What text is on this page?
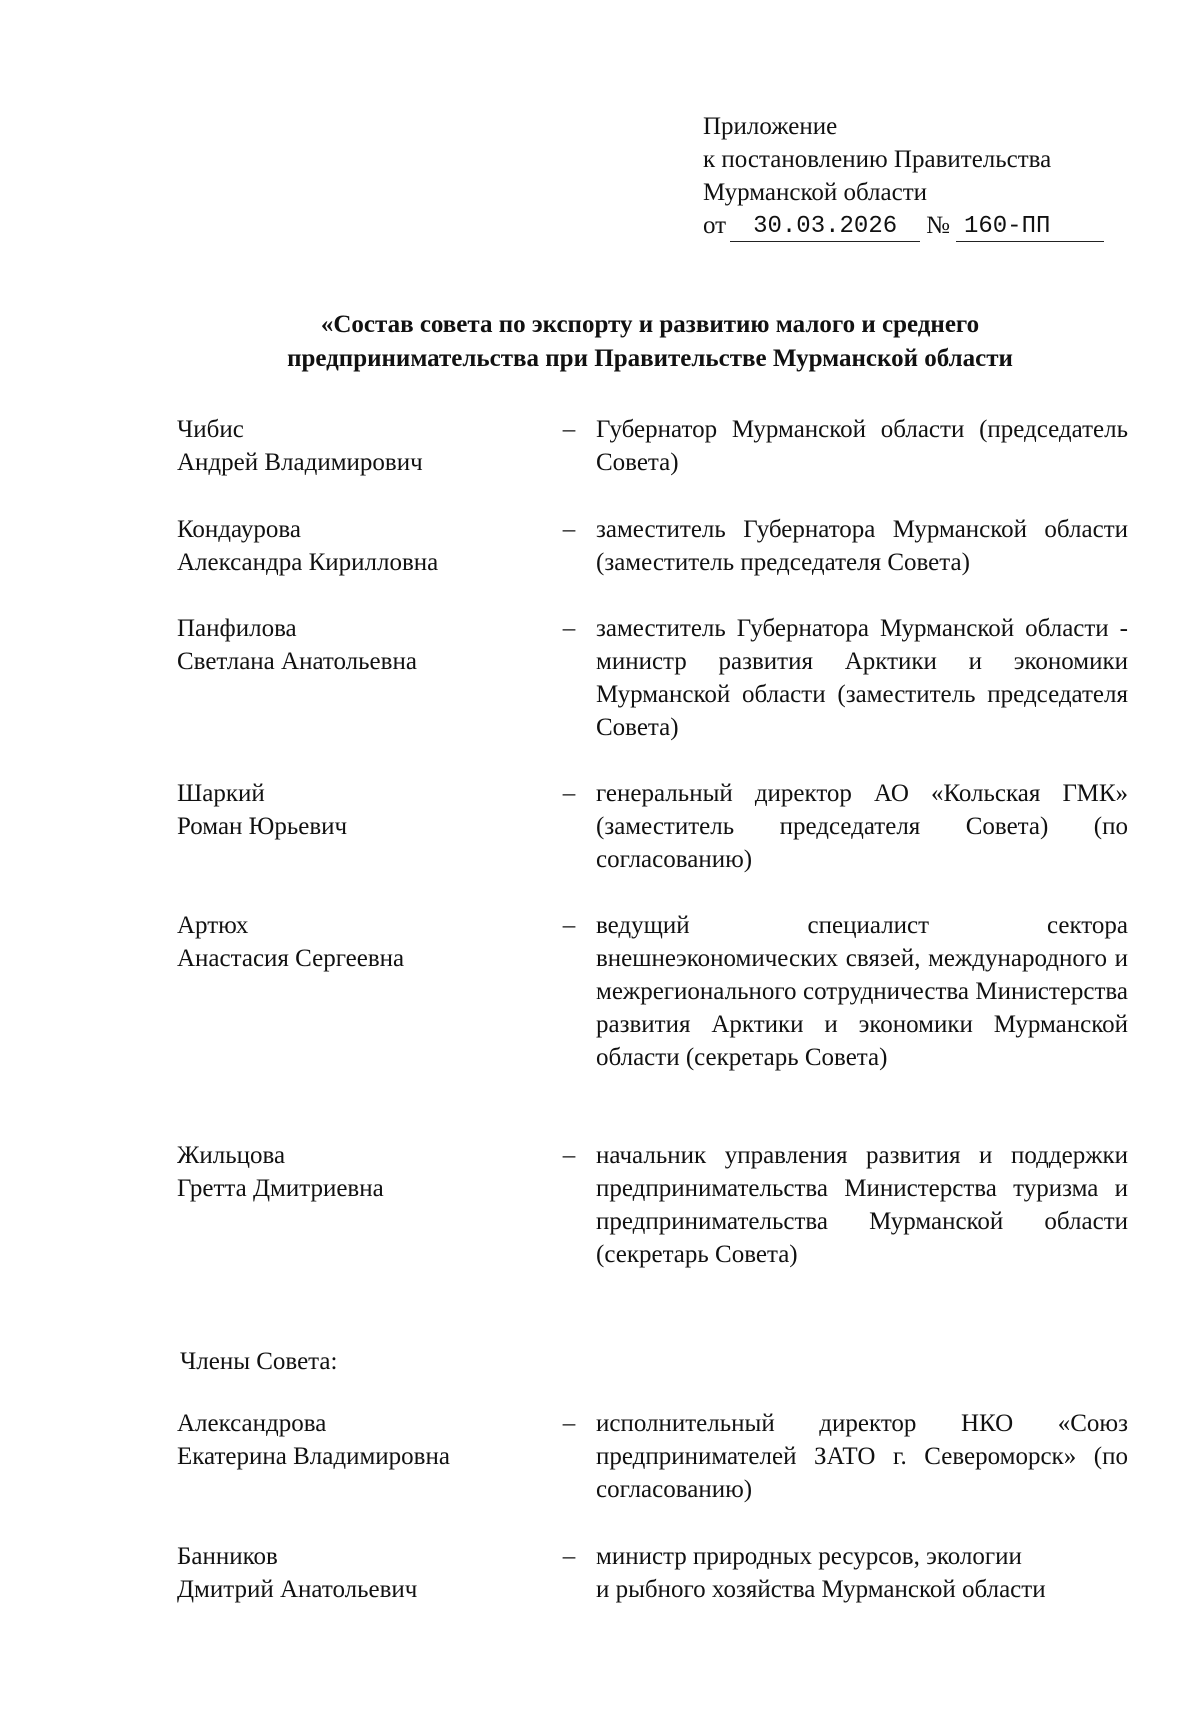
Приложение
к постановлению Правительства
Мурманской области
от	30.03.2026	№ 160-ПП
«Состав совета по экспорту и развитию малого и среднего
предпринимательства при Правительстве Мурманской области
Чибис
Андрей Владимирович
– Губернатор Мурманской области (председатель Совета)
Кондаурова
Александра Кирилловна
– заместитель Губернатора Мурманской области (заместитель председателя Совета)
Панфилова
Светлана Анатольевна
– заместитель Губернатора Мурманской области - министр развития Арктики и экономики Мурманской области (заместитель председателя Совета)
Шаркий
Роман Юрьевич
– генеральный директор АО «Кольская ГМК» (заместитель председателя Совета) (по согласованию)
Артюх
Анастасия Сергеевна
– ведущий специалист сектора внешнеэкономических связей, международного и межрегионального сотрудничества Министерства развития Арктики и экономики Мурманской области (секретарь Совета)
Жильцова
Гретта Дмитриевна
– начальник управления развития и поддержки предпринимательства Министерства туризма и предпринимательства Мурманской области (секретарь Совета)
Члены Совета:
Александрова
Екатерина Владимировна
– исполнительный директор НКО «Союз предпринимателей ЗАТО г. Североморск» (по согласованию)
Банников
Дмитрий Анатольевич
– министр природных ресурсов, экологии
и рыбного хозяйства Мурманской области
